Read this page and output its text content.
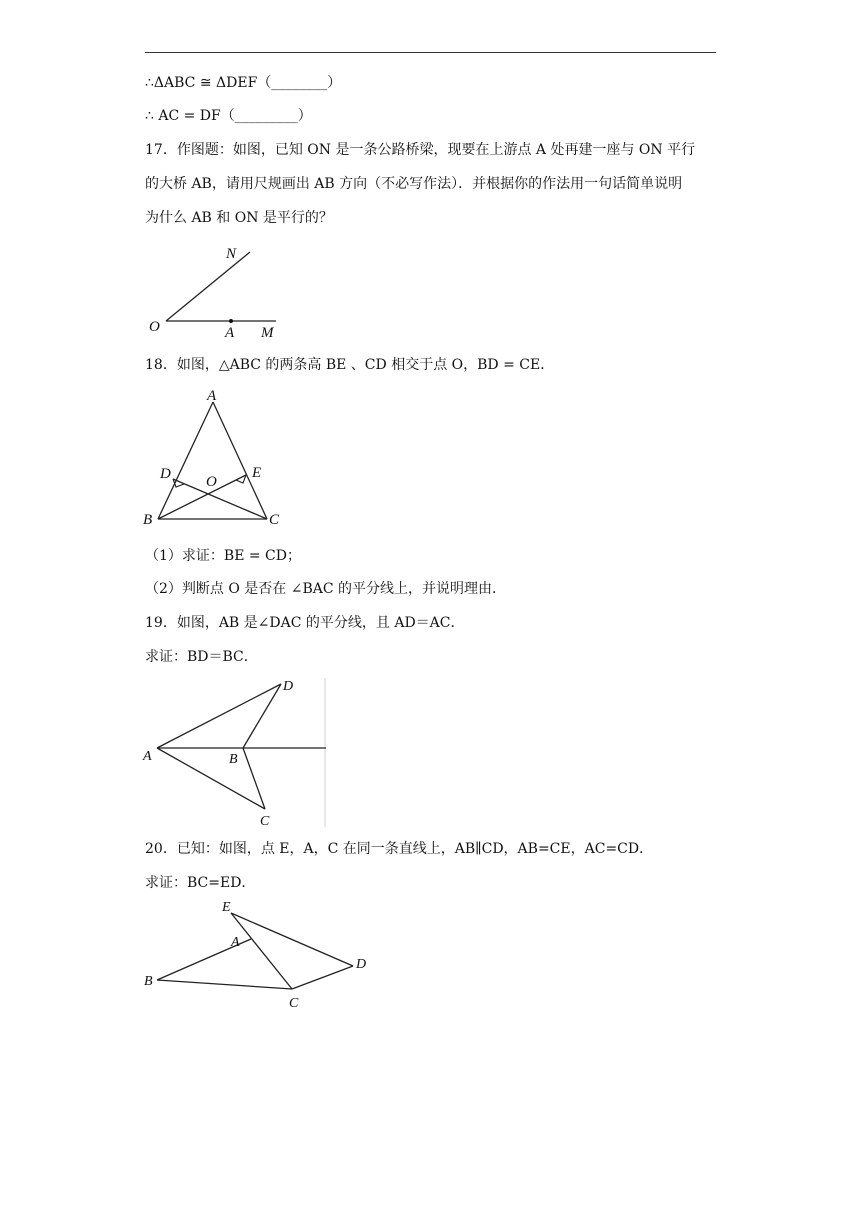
∴ΔABC ≅ ΔDEF（________）
∴ AC = DF（_________）
17．作图题：如图，已知 ON 是一条公路桥梁，现要在上游点 A 处再建一座与 ON 平行
的大桥 AB，请用尺规画出 AB 方向（不必写作法）．并根据你的作法用一句话简单说明
为什么 AB 和 ON 是平行的？
N
O	A M
18．如图，△ABC 的两条高 BE 、CD 相交于点 O，BD = CE．
A
D O
E
B	C
（1）求证：BE = CD；
（2）判断点 O 是否在 ∠BAC 的平分线上，并说明理由．
19．如图，AB 是∠DAC 的平分线，且 AD＝AC．
求证：BD＝BC．
D
A	B
C
20．已知：如图，点 E，A，C 在同一条直线上，AB∥CD，AB=CE，AC=CD．
求证：BC=ED．
E
A
B
D
C
